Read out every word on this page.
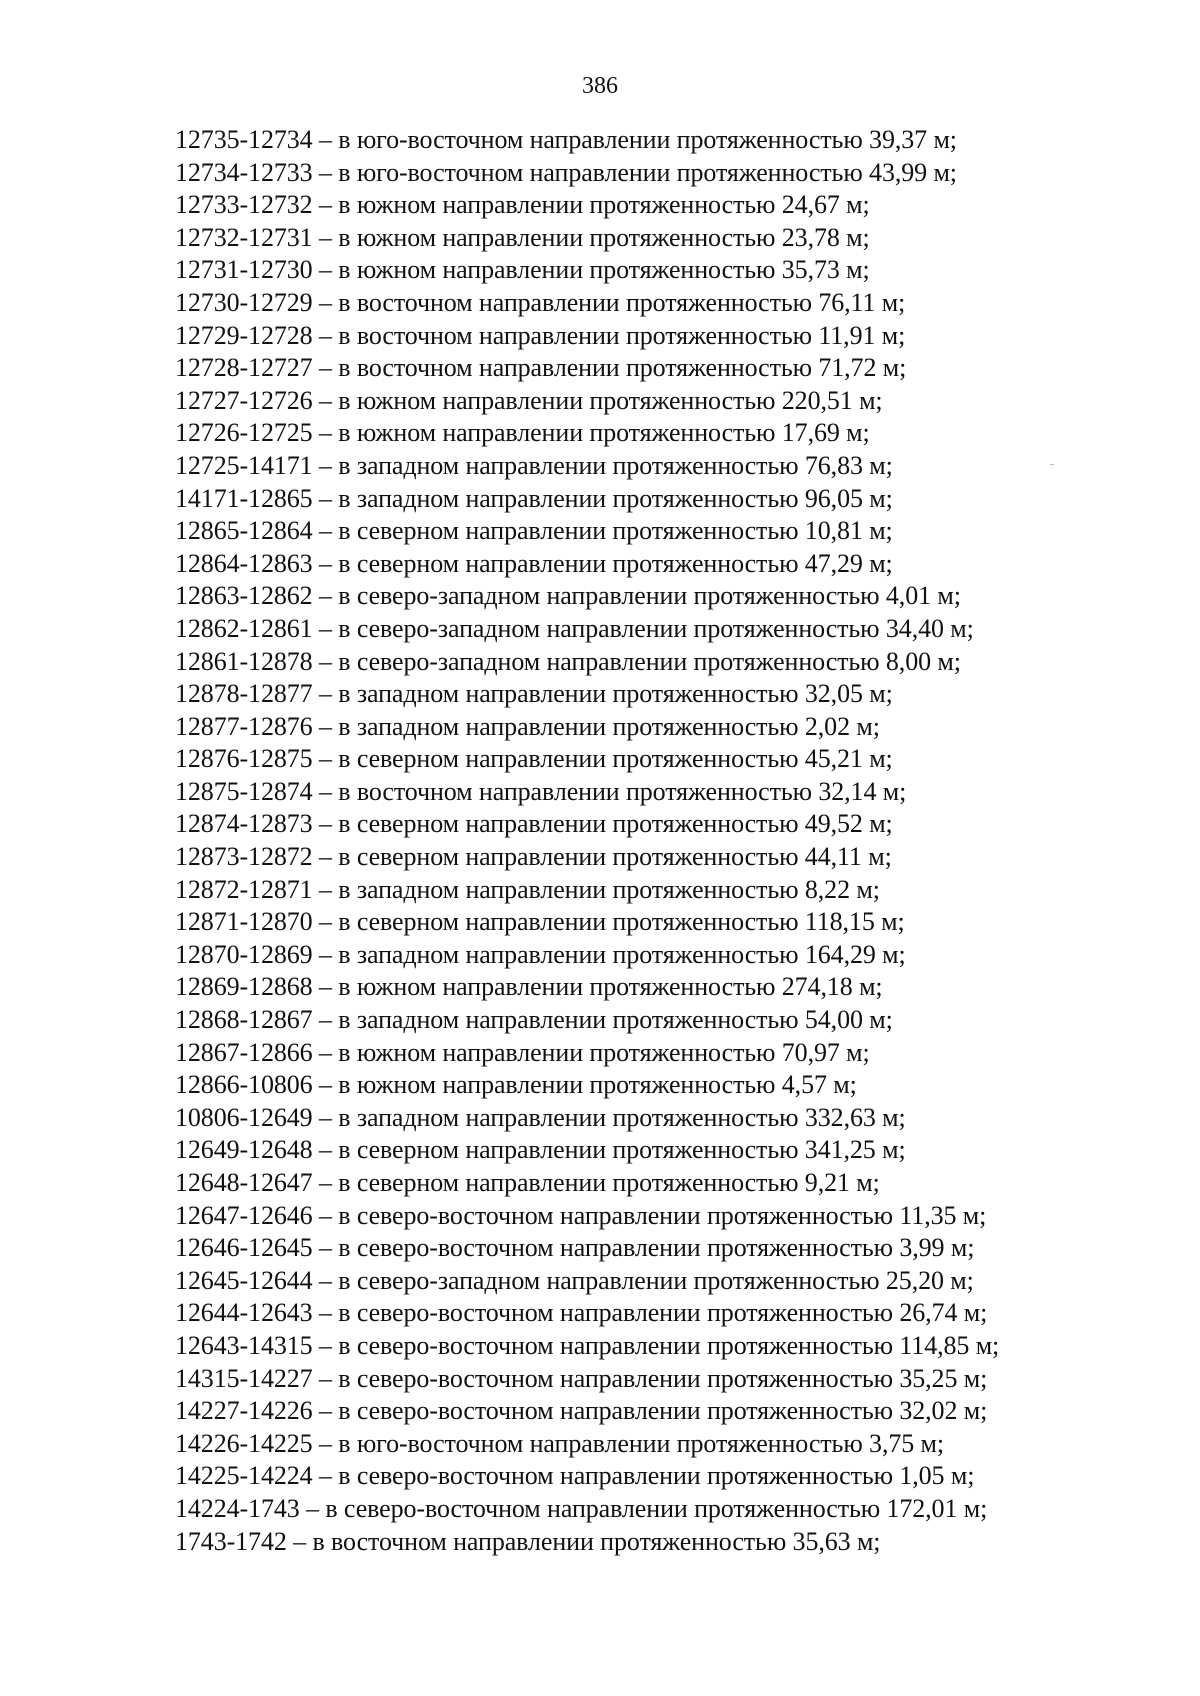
386
12735-12734 – в юго-восточном направлении протяженностью 39,37 м;
12734-12733 – в юго-восточном направлении протяженностью 43,99 м;
12733-12732 – в южном направлении протяженностью 24,67 м;
12732-12731 – в южном направлении протяженностью 23,78 м;
12731-12730 – в южном направлении протяженностью 35,73 м;
12730-12729 – в восточном направлении протяженностью 76,11 м;
12729-12728 – в восточном направлении протяженностью 11,91 м;
12728-12727 – в восточном направлении протяженностью 71,72 м;
12727-12726 – в южном направлении протяженностью 220,51 м;
12726-12725 – в южном направлении протяженностью 17,69 м;
12725-14171 – в западном направлении протяженностью 76,83 м;
14171-12865 – в западном направлении протяженностью 96,05 м;
12865-12864 – в северном направлении протяженностью 10,81 м;
12864-12863 – в северном направлении протяженностью 47,29 м;
12863-12862 – в северо-западном направлении протяженностью 4,01 м;
12862-12861 – в северо-западном направлении протяженностью 34,40 м;
12861-12878 – в северо-западном направлении протяженностью 8,00 м;
12878-12877 – в западном направлении протяженностью 32,05 м;
12877-12876 – в западном направлении протяженностью 2,02 м;
12876-12875 – в северном направлении протяженностью 45,21 м;
12875-12874 – в восточном направлении протяженностью 32,14 м;
12874-12873 – в северном направлении протяженностью 49,52 м;
12873-12872 – в северном направлении протяженностью 44,11 м;
12872-12871 – в западном направлении протяженностью 8,22 м;
12871-12870 – в северном направлении протяженностью 118,15 м;
12870-12869 – в западном направлении протяженностью 164,29 м;
12869-12868 – в южном направлении протяженностью 274,18 м;
12868-12867 – в западном направлении протяженностью 54,00 м;
12867-12866 – в южном направлении протяженностью 70,97 м;
12866-10806 – в южном направлении протяженностью 4,57 м;
10806-12649 – в западном направлении протяженностью 332,63 м;
12649-12648 – в северном направлении протяженностью 341,25 м;
12648-12647 – в северном направлении протяженностью 9,21 м;
12647-12646 – в северо-восточном направлении протяженностью 11,35 м;
12646-12645 – в северо-восточном направлении протяженностью 3,99 м;
12645-12644 – в северо-западном направлении протяженностью 25,20 м;
12644-12643 – в северо-восточном направлении протяженностью 26,74 м;
12643-14315 – в северо-восточном направлении протяженностью 114,85 м;
14315-14227 – в северо-восточном направлении протяженностью 35,25 м;
14227-14226 – в северо-восточном направлении протяженностью 32,02 м;
14226-14225 – в юго-восточном направлении протяженностью 3,75 м;
14225-14224 – в северо-восточном направлении протяженностью 1,05 м;
14224-1743 – в северо-восточном направлении протяженностью 172,01 м;
1743-1742 – в восточном направлении протяженностью 35,63 м;
